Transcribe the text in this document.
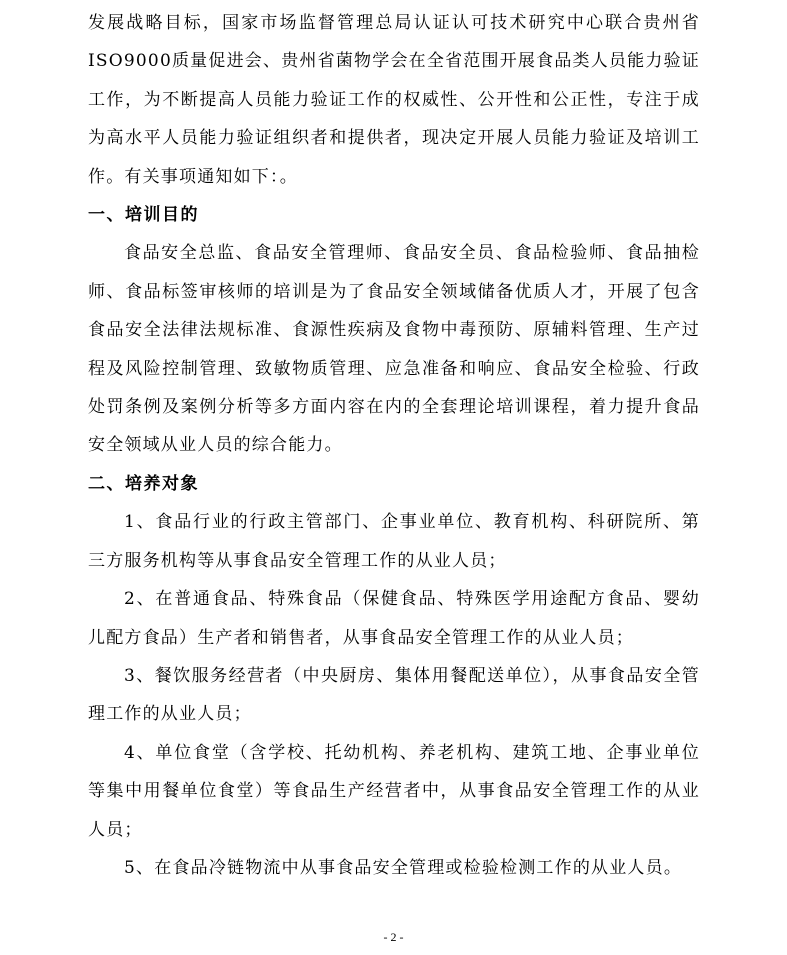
发展战略目标，国家市场监督管理总局认证认可技术研究中心联合贵州省ISO9000质量促进会、贵州省菌物学会在全省范围开展食品类人员能力验证工作，为不断提高人员能力验证工作的权威性、公开性和公正性，专注于成为高水平人员能力验证组织者和提供者，现决定开展人员能力验证及培训工作。有关事项通知如下：。

一、培训目的

食品安全总监、食品安全管理师、食品安全员、食品检验师、食品抽检师、食品标签审核师的培训是为了食品安全领域储备优质人才，开展了包含食品安全法律法规标准、食源性疾病及食物中毒预防、原辅料管理、生产过程及风险控制管理、致敏物质管理、应急准备和响应、食品安全检验、行政处罚条例及案例分析等多方面内容在内的全套理论培训课程，着力提升食品安全领域从业人员的综合能力。

二、培养对象

1、食品行业的行政主管部门、企事业单位、教育机构、科研院所、第三方服务机构等从事食品安全管理工作的从业人员；

2、在普通食品、特殊食品（保健食品、特殊医学用途配方食品、婴幼儿配方食品）生产者和销售者，从事食品安全管理工作的从业人员；

3、餐饮服务经营者（中央厨房、集体用餐配送单位），从事食品安全管理工作的从业人员；

4、单位食堂（含学校、托幼机构、养老机构、建筑工地、企事业单位等集中用餐单位食堂）等食品生产经营者中，从事食品安全管理工作的从业人员；

5、在食品冷链物流中从事食品安全管理或检验检测工作的从业人员。

- 2 -
